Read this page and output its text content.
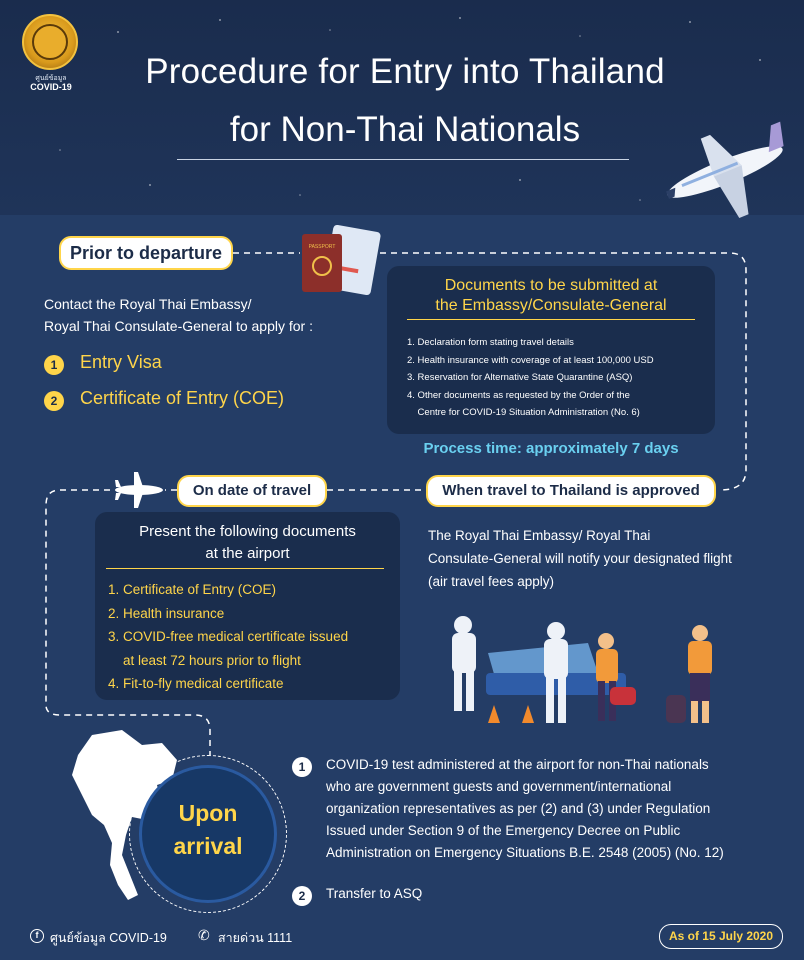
ศูนย์ข้อมูล
COVID-19	Procedure for Entry into Thailand
for Non-Thai Nationals
Prior to departure	PASSPORT
Contact the Royal Thai Embassy/
Royal Thai Consulate-General to apply for :
1	Entry Visa
2	Certificate of Entry (COE)
Documents to be submitted at
the Embassy/Consulate-General
1. Declaration form stating travel details
2. Health insurance with coverage of at least 100,000 USD
3. Reservation for Alternative State Quarantine (ASQ)
4. Other documents as requested by the Order of the
Centre for COVID-19 Situation Administration (No. 6)
Process time: approximately 7 days
On date of travel	When travel to Thailand is approved
Present the following documents
at the airport
1. Certificate of Entry (COE)
2. Health insurance
3. COVID-free medical certificate issued
at least 72 hours prior to flight
4. Fit-to-fly medical certificate
The Royal Thai Embassy/ Royal Thai
Consulate-General will notify your designated flight
(air travel fees apply)
Upon
arrival
1	COVID-19 test administered at the airport for non-Thai nationals
who are government guests and government/international
organization representatives as per (2) and (3) under Regulation
Issued under Section 9 of the Emergency Decree on Public
Administration on Emergency Situations B.E. 2548 (2005) (No. 12)
2	Transfer to ASQ
f ศูนย์ข้อมูล COVID-19 ✆ สายด่วน 1111	As of 15 July 2020
